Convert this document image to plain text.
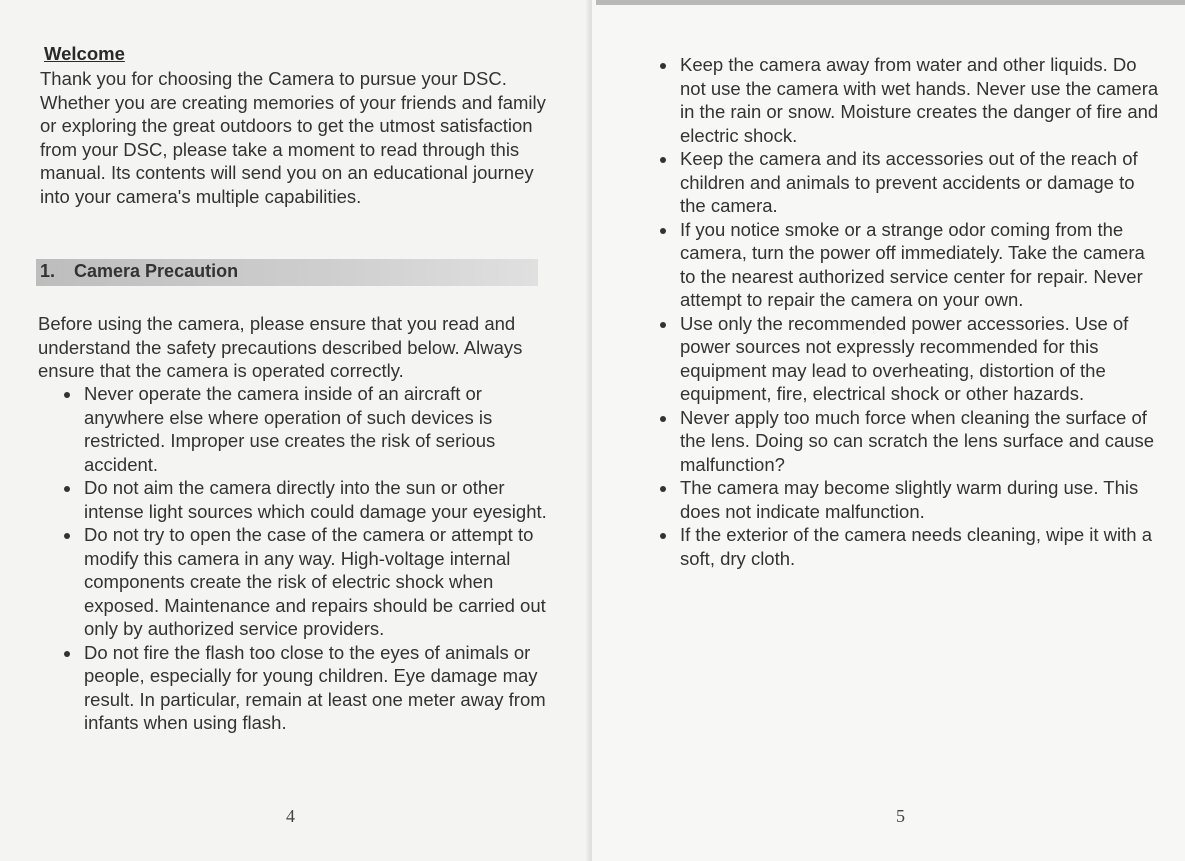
Welcome

Thank you for choosing the Camera to pursue your DSC. Whether you are creating memories of your friends and family or exploring the great outdoors to get the utmost satisfaction from your DSC, please take a moment to read through this manual. Its contents will send you on an educational journey into your camera's multiple capabilities.

1. Camera Precaution

Before using the camera, please ensure that you read and understand the safety precautions described below. Always ensure that the camera is operated correctly.

Never operate the camera inside of an aircraft or anywhere else where operation of such devices is restricted. Improper use creates the risk of serious accident.
Do not aim the camera directly into the sun or other intense light sources which could damage your eyesight.
Do not try to open the case of the camera or attempt to modify this camera in any way. High-voltage internal components create the risk of electric shock when exposed. Maintenance and repairs should be carried out only by authorized service providers.
Do not fire the flash too close to the eyes of animals or people, especially for young children. Eye damage may result. In particular, remain at least one meter away from infants when using flash.

4

Keep the camera away from water and other liquids. Do not use the camera with wet hands. Never use the camera in the rain or snow. Moisture creates the danger of fire and electric shock.
Keep the camera and its accessories out of the reach of children and animals to prevent accidents or damage to the camera.
If you notice smoke or a strange odor coming from the camera, turn the power off immediately. Take the camera to the nearest authorized service center for repair. Never attempt to repair the camera on your own.
Use only the recommended power accessories. Use of power sources not expressly recommended for this equipment may lead to overheating, distortion of the equipment, fire, electrical shock or other hazards.
Never apply too much force when cleaning the surface of the lens. Doing so can scratch the lens surface and cause malfunction?
The camera may become slightly warm during use. This does not indicate malfunction.
If the exterior of the camera needs cleaning, wipe it with a soft, dry cloth.

5
